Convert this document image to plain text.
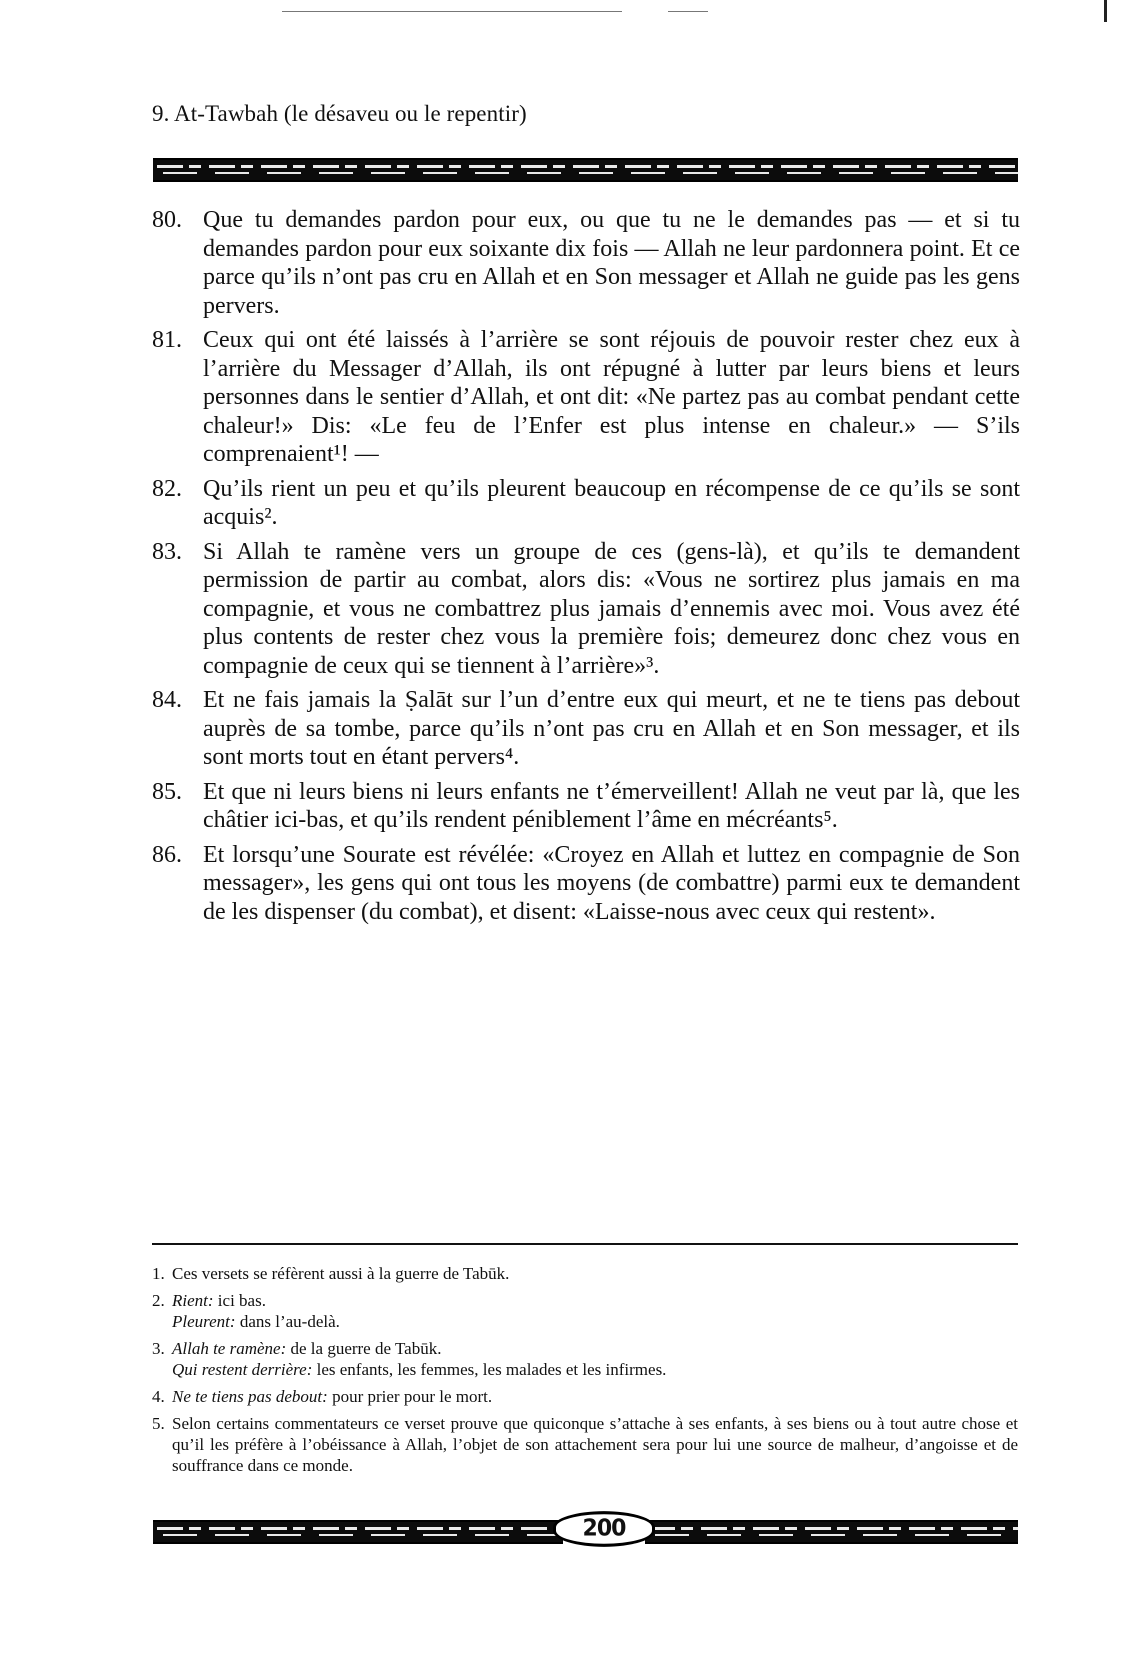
9. At-Tawbah (le désaveu ou le repentir)
80. Que tu demandes pardon pour eux, ou que tu ne le demandes pas — et si tu demandes pardon pour eux soixante dix fois — Allah ne leur pardonnera point. Et ce parce qu’ils n’ont pas cru en Allah et en Son messager et Allah ne guide pas les gens pervers.

81. Ceux qui ont été laissés à l’arrière se sont réjouis de pouvoir rester chez eux à l’arrière du Messager d’Allah, ils ont répugné à lutter par leurs biens et leurs personnes dans le sentier d’Allah, et ont dit: «Ne partez pas au combat pendant cette chaleur!» Dis: «Le feu de l’Enfer est plus intense en chaleur.» — S’ils comprenaient¹! —

82. Qu’ils rient un peu et qu’ils pleurent beaucoup en récompense de ce qu’ils se sont acquis².

83. Si Allah te ramène vers un groupe de ces (gens-là), et qu’ils te demandent permission de partir au combat, alors dis: «Vous ne sortirez plus jamais en ma compagnie, et vous ne combattrez plus jamais d’ennemis avec moi. Vous avez été plus contents de rester chez vous la première fois; demeurez donc chez vous en compagnie de ceux qui se tiennent à l’arrière»³.

84. Et ne fais jamais la Ṣalāt sur l’un d’entre eux qui meurt, et ne te tiens pas debout auprès de sa tombe, parce qu’ils n’ont pas cru en Allah et en Son messager, et ils sont morts tout en étant pervers⁴.

85. Et que ni leurs biens ni leurs enfants ne t’émerveillent! Allah ne veut par là, que les châtier ici-bas, et qu’ils rendent péniblement l’âme en mécréants⁵.

86. Et lorsqu’une Sourate est révélée: «Croyez en Allah et luttez en compagnie de Son messager», les gens qui ont tous les moyens (de combattre) parmi eux te demandent de les dispenser (du combat), et disent: «Laisse-nous avec ceux qui restent».

1. Ces versets se réfèrent aussi à la guerre de Tabūk.

2. Rient: ici bas.

Pleurent: dans l’au-delà.

3. Allah te ramène: de la guerre de Tabūk.

Qui restent derrière: les enfants, les femmes, les malades et les infirmes.

4. Ne te tiens pas debout: pour prier pour le mort.

5. Selon certains commentateurs ce verset prouve que quiconque s’attache à ses enfants, à ses biens ou à tout autre chose et qu’il les préfère à l’obéissance à Allah, l’objet de son attachement sera pour lui une source de malheur, d’angoisse et de souffrance dans ce monde.

200
